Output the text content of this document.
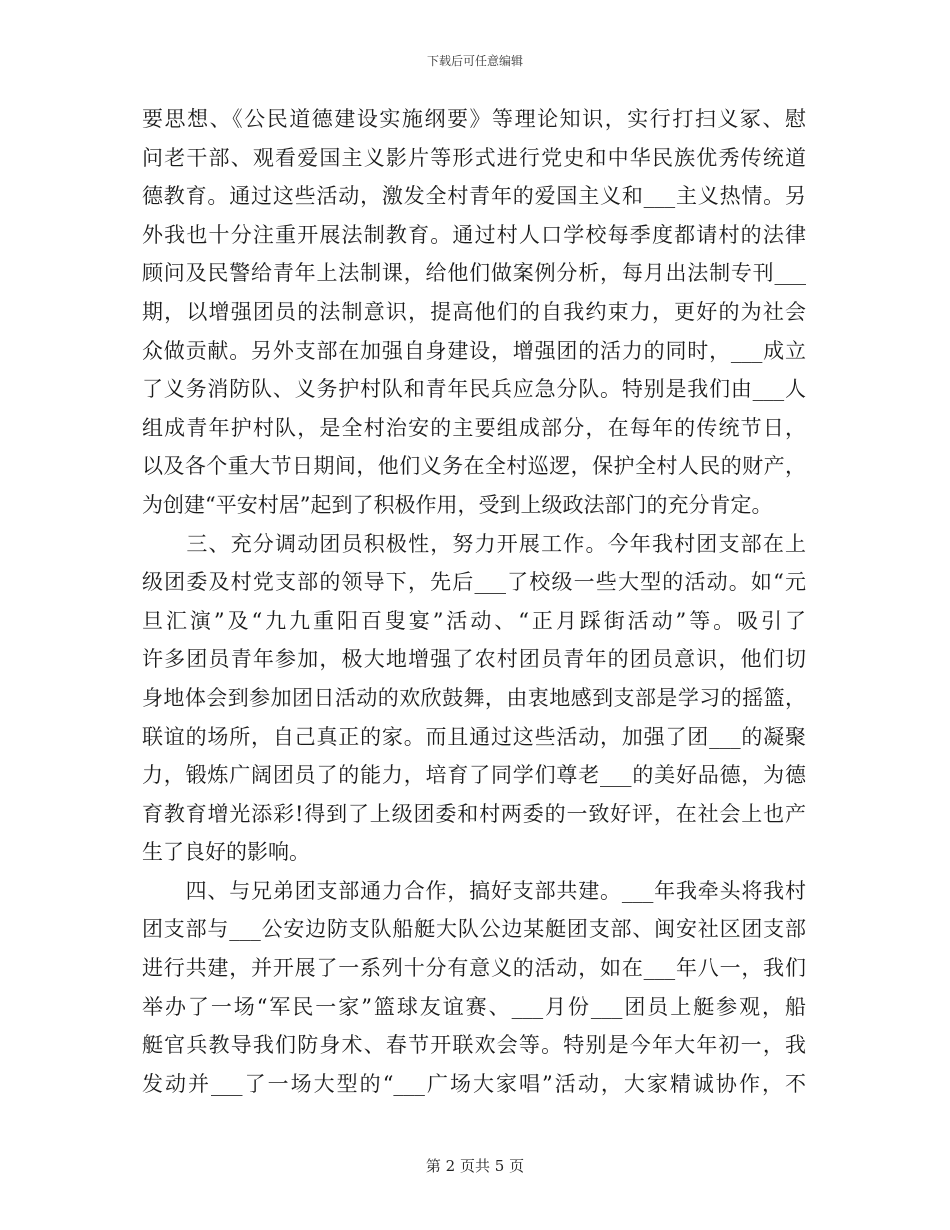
下载后可任意编辑
要思想、《公民道德建设实施纲要》等理论知识，实行打扫义冢、慰
问老干部、观看爱国主义影片等形式进行党史和中华民族优秀传统道
德教育。通过这些活动，激发全村青年的爱国主义和___主义热情。另
外我也十分注重开展法制教育。通过村人口学校每季度都请村的法律
顾问及民警给青年上法制课，给他们做案例分析，每月出法制专刊___
期，以增强团员的法制意识，提高他们的自我约束力，更好的为社会
众做贡献。另外支部在加强自身建设，增强团的活力的同时，___成立
了义务消防队、义务护村队和青年民兵应急分队。特别是我们由___人
组成青年护村队，是全村治安的主要组成部分，在每年的传统节日，
以及各个重大节日期间，他们义务在全村巡逻，保护全村人民的财产，
为创建“平安村居”起到了积极作用，受到上级政法部门的充分肯定。
　　三、充分调动团员积极性，努力开展工作。今年我村团支部在上
级团委及村党支部的领导下，先后___了校级一些大型的活动。如“元
旦汇演”及“九九重阳百叟宴”活动、“正月踩街活动”等。吸引了
许多团员青年参加，极大地增强了农村团员青年的团员意识，他们切
身地体会到参加团日活动的欢欣鼓舞，由衷地感到支部是学习的摇篮，
联谊的场所，自己真正的家。而且通过这些活动，加强了团___的凝聚
力，锻炼广阔团员了的能力，培育了同学们尊老___的美好品德，为德
育教育增光添彩!得到了上级团委和村两委的一致好评，在社会上也产
生了良好的影响。
　　四、与兄弟团支部通力合作，搞好支部共建。___年我牵头将我村
团支部与___公安边防支队船艇大队公边某艇团支部、闽安社区团支部
进行共建，并开展了一系列十分有意义的活动，如在___年八一，我们
举办了一场“军民一家”篮球友谊赛、___月份___团员上艇参观，船
艇官兵教导我们防身术、春节开联欢会等。特别是今年大年初一，我
发动并___了一场大型的“___广场大家唱”活动，大家精诚协作，不
第 2 页共 5 页
